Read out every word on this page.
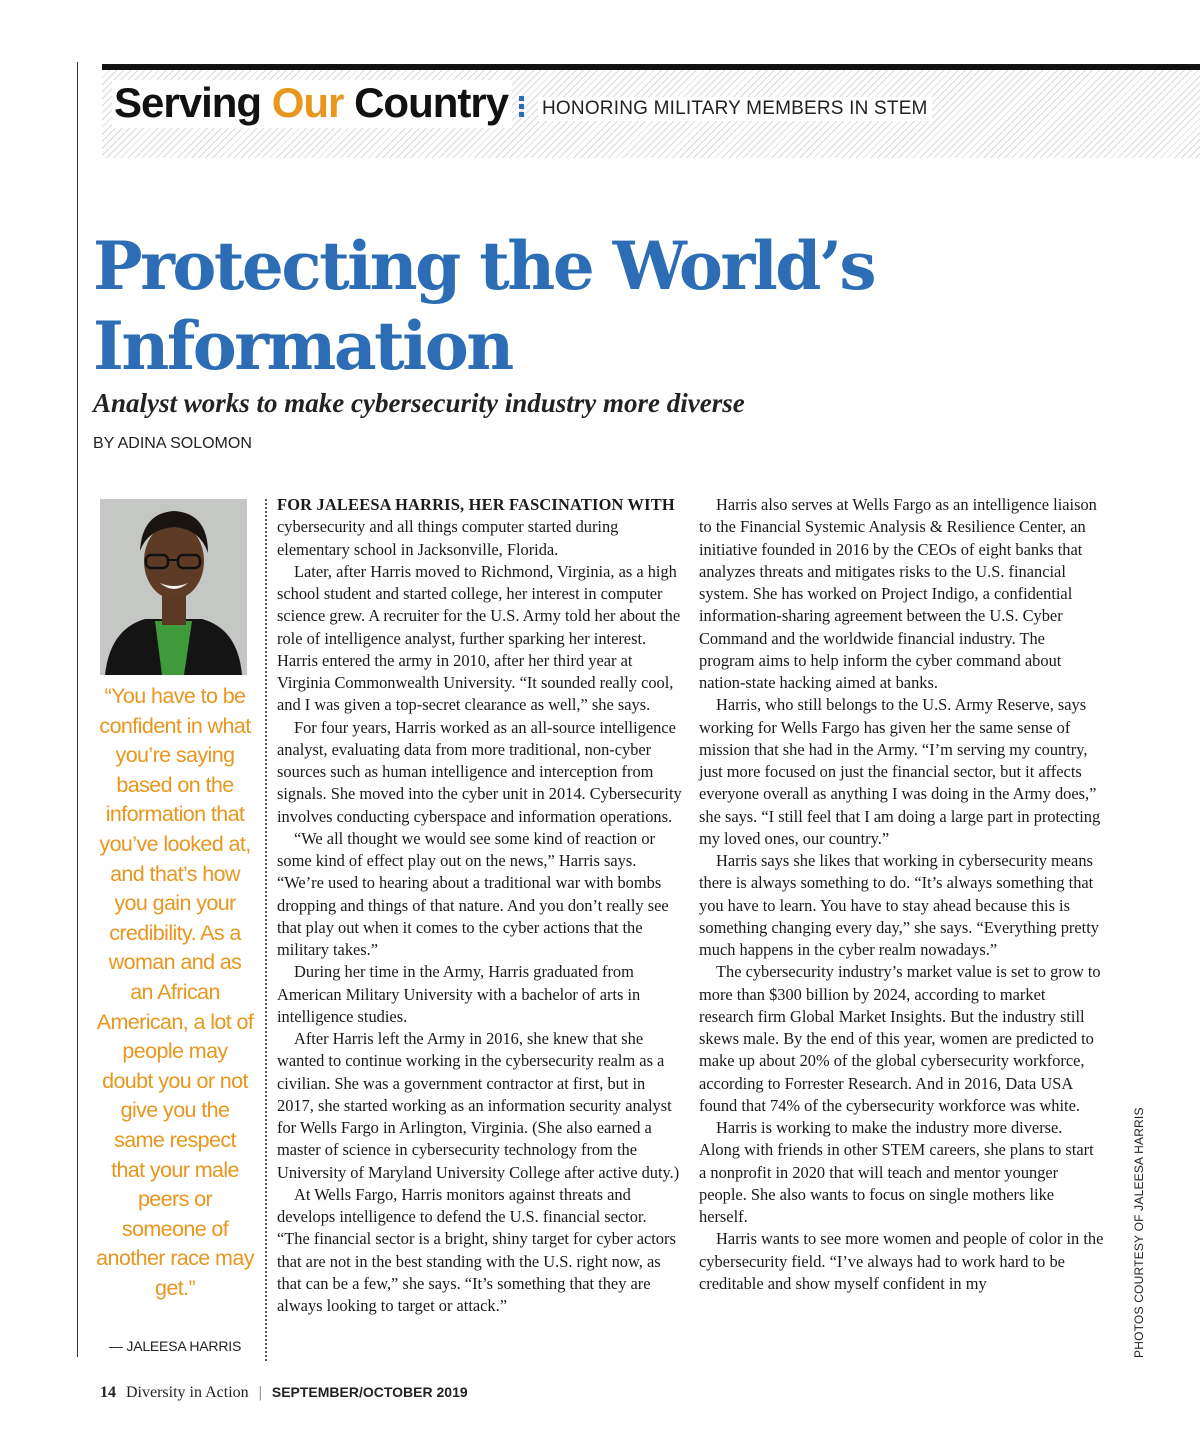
Serving Our Country HONORING MILITARY MEMBERS IN STEM
Protecting the World’s
Information
Analyst works to make cybersecurity industry more diverse
BY ADINA SOLOMON

“You have to be confident in what you’re saying based on the information that you’ve looked at, and that’s how you gain your credibility. As a woman and as an African American, a lot of people may doubt you or not give you the same respect that your male peers or someone of another race may get.”

— JALEESA HARRIS

FOR JALEESA HARRIS, HER FASCINATION WITH cybersecurity and all things computer started during elementary school in Jacksonville, Florida.

Later, after Harris moved to Richmond, Virginia, as a high school student and started college, her interest in computer science grew. A recruiter for the U.S. Army told her about the role of intelligence analyst, further sparking her interest. Harris entered the army in 2010, after her third year at Virginia Commonwealth University. “It sounded really cool, and I was given a top-secret clearance as well,” she says.

For four years, Harris worked as an all-source intelligence analyst, evaluating data from more traditional, non-cyber sources such as human intelligence and interception from signals. She moved into the cyber unit in 2014. Cybersecurity involves conducting cyberspace and information operations.

“We all thought we would see some kind of reaction or some kind of effect play out on the news,” Harris says. “We’re used to hearing about a traditional war with bombs dropping and things of that nature. And you don’t really see that play out when it comes to the cyber actions that the military takes.”

During her time in the Army, Harris graduated from American Military University with a bachelor of arts in intelligence studies.

After Harris left the Army in 2016, she knew that she wanted to continue working in the cybersecurity realm as a civilian. She was a government contractor at first, but in 2017, she started working as an information security analyst for Wells Fargo in Arlington, Virginia. (She also earned a master of science in cybersecurity technology from the University of Maryland University College after active duty.)

At Wells Fargo, Harris monitors against threats and develops intelligence to defend the U.S. financial sector. “The financial sector is a bright, shiny target for cyber actors that are not in the best standing with the U.S. right now, as that can be a few,” she says. “It’s something that they are always looking to target or attack.”

Harris also serves at Wells Fargo as an intelligence liaison to the Financial Systemic Analysis & Resilience Center, an initiative founded in 2016 by the CEOs of eight banks that analyzes threats and mitigates risks to the U.S. financial system. She has worked on Project Indigo, a confidential information-sharing agreement between the U.S. Cyber Command and the worldwide financial industry. The program aims to help inform the cyber command about nation-state hacking aimed at banks.

Harris, who still belongs to the U.S. Army Reserve, says working for Wells Fargo has given her the same sense of mission that she had in the Army. “I’m serving my country, just more focused on just the financial sector, but it affects everyone overall as anything I was doing in the Army does,” she says. “I still feel that I am doing a large part in protecting my loved ones, our country.”

Harris says she likes that working in cybersecurity means there is always something to do. “It’s always something that you have to learn. You have to stay ahead because this is something changing every day,” she says. “Everything pretty much happens in the cyber realm nowadays.”

The cybersecurity industry’s market value is set to grow to more than $300 billion by 2024, according to market research firm Global Market Insights. But the industry still skews male. By the end of this year, women are predicted to make up about 20% of the global cybersecurity workforce, according to Forrester Research. And in 2016, Data USA found that 74% of the cybersecurity workforce was white.

Harris is working to make the industry more diverse. Along with friends in other STEM careers, she plans to start a nonprofit in 2020 that will teach and mentor younger people. She also wants to focus on single mothers like herself.

Harris wants to see more women and people of color in the cybersecurity field. “I’ve always had to work hard to be creditable and show myself confident in my	PHOTOS COURTESY OF JALEESA HARRIS
14 Diversity in Action | SEPTEMBER/OCTOBER 2019
